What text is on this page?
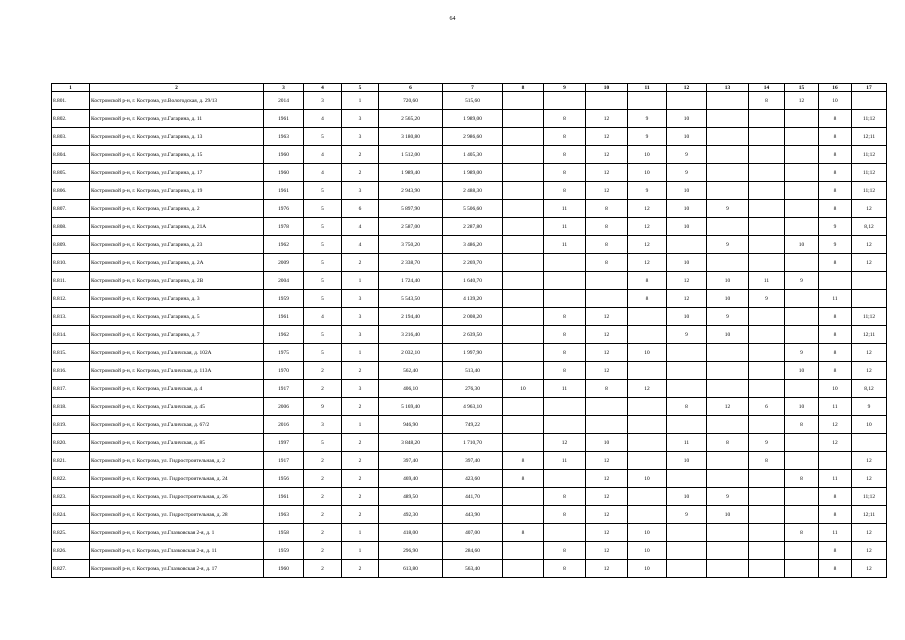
64
1	2	3	4	5	6	7	8	9	10	11	12	13	14	15	16	17
8.801.	Костромской р-н, г. Кострома, ул.Вологодская, д. 29/13	2014	3	1	720,60	515,60							8	12	10	
8.802.	Костромской р-н, г. Кострома, ул.Гагарина, д. 11	1961	4	3	2 565,20	1 989,00		8	12	9	10				8	11;12
8.803.	Костромской р-н, г. Кострома, ул.Гагарина, д. 13	1963	5	3	3 180,80	2 986,60		8	12	9	10				8	12;11
8.804.	Костромской р-н, г. Кострома, ул.Гагарина, д. 15	1960	4	2	1 512,00	1 405,30		8	12	10	9				8	11;12
8.805.	Костромской р-н, г. Кострома, ул.Гагарина, д. 17	1960	4	2	1 989,40	1 989,00		8	12	10	9				8	11;12
8.806.	Костромской р-н, г. Кострома, ул.Гагарина, д. 19	1961	5	3	2 943,90	2 488,30		8	12	9	10				8	11;12
8.807.	Костромской р-н, г. Кострома, ул.Гагарина, д. 2	1976	5	6	5 897,90	5 506,60		11	8	12	10	9			8	12
8.808.	Костромской р-н, г. Кострома, ул.Гагарина, д. 21А	1978	5	4	2 587,00	2 287,80		11	8	12	10				9	8,12
8.809.	Костромской р-н, г. Кострома, ул.Гагарина, д. 23	1962	5	4	3 750,20	3 486,20		11	8	12		9		10	9	12
8.810.	Костромской р-н, г. Кострома, ул.Гагарина, д. 2А	2009	5	2	2 338,70	2 269,70			8	12	10				8	12
8.811.	Костромской р-н, г. Кострома, ул.Гагарина, д. 2В	2004	5	1	1 724,40	1 640,70				8	12	10	11	9		
8.812.	Костромской р-н, г. Кострома, ул.Гагарина, д. 3	1959	5	3	5 543,50	4 139,20				8	12	10	9		11	
8.813.	Костромской р-н, г. Кострома, ул.Гагарина, д. 5	1961	4	3	2 194,40	2 008,20		8	12		10	9			8	11;12
8.814.	Костромской р-н, г. Кострома, ул.Гагарина, д. 7	1962	5	3	3 216,40	2 639,50		8	12		9	10			8	12;11
8.815.	Костромской р-н, г. Кострома, ул.Галичская, д. 102А	1975	5	1	2 032,10	1 997,90		8	12	10				9	8	12
8.816.	Костромской р-н, г. Кострома, ул.Галичская, д. 113А	1970	2	2	562,40	513,40		8	12					10	8	12
8.817.	Костромской р-н, г. Кострома, ул.Галичская, д. 4	1917	2	3	406,10	276,30	10	11	8	12					10	8,12
8.818.	Костромской р-н, г. Кострома, ул.Галичская, д. 45	2006	9	2	5 169,40	4 963,10					8	12	6	10	11	9
8.819.	Костромской р-н, г. Кострома, ул.Галичская, д. 67/2	2016	3	1	946,90	749,22								8	12	10
8.820.	Костромской р-н, г. Кострома, ул.Галичская, д. 85	1997	5	2	3 848,20	1 710,70		12	10		11	8	9		12	
8.821.	Костромской р-н, г. Кострома, ул. Гидростроительная, д. 2	1917	2	2	397,40	397,40	8	11	12		10		8			12
8.822.	Костромской р-н, г. Кострома, ул. Гидростроительная, д. 24	1956	2	2	469,40	423,60	8		12	10				8	11	12
8.823.	Костромской р-н, г. Кострома, ул. Гидростроительная, д. 26	1961	2	2	489,50	441,70		8	12		10	9			8	11;12
8.824.	Костромской р-н, г. Кострома, ул. Гидростроительная, д. 28	1963	2	2	492,30	443,90		8	12		9	10			8	12;11
8.825.	Костромской р-н, г. Кострома, ул.Глазковская 2-я, д. 1	1958	2	1	418,00	407,00	8		12	10				8	11	12
8.826.	Костромской р-н, г. Кострома, ул.Глазковская 2-я, д. 11	1959	2	1	296,90	284,60		8	12	10					8	12
8.827.	Костромской р-н, г. Кострома, ул.Глазковская 2-я, д. 17	1960	2	2	613,80	563,40		8	12	10					8	12
